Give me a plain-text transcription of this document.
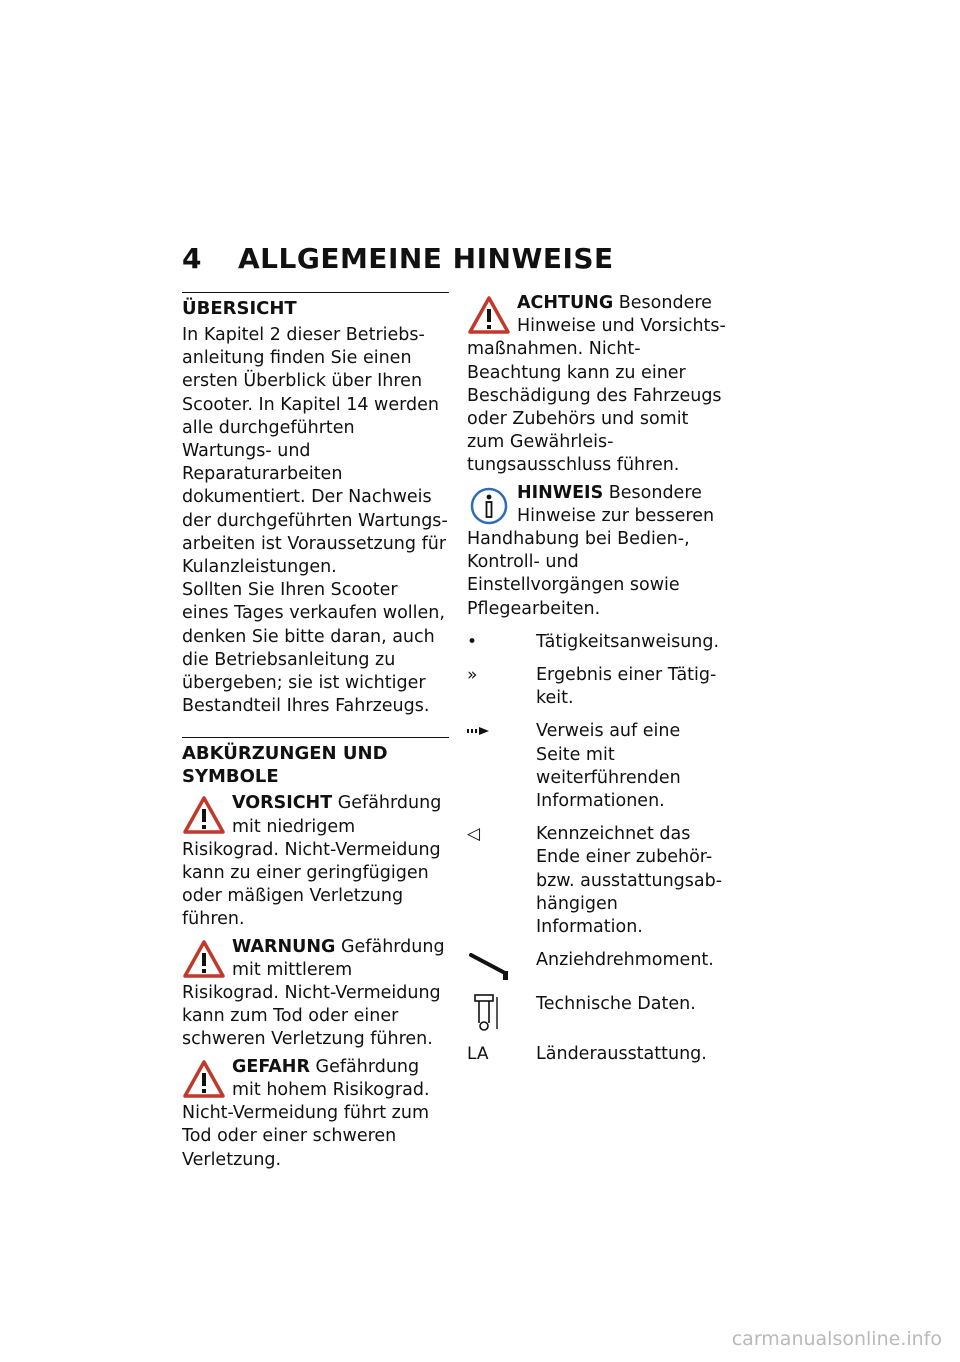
4 ALLGEMEINE HINWEISE
ÜBERSICHT

In Kapitel 2 dieser Betriebsanleitung finden Sie einen ersten Überblick über Ihren Scooter. In Kapitel 14 werden alle durchgeführten Wartungs- und Reparaturarbeiten dokumentiert. Der Nachweis der durchgeführten Wartungsarbeiten ist Voraussetzung für Kulanzleistungen.

Sollten Sie Ihren Scooter eines Tages verkaufen wollen, denken Sie bitte daran, auch die Betriebsanleitung zu übergeben; sie ist wichtiger Bestandteil Ihres Fahrzeugs.

ABKÜRZUNGEN UND SYMBOLE
VORSICHT Gefährdung mit niedrigem Risikograd. Nicht-Vermeidung kann zu einer geringfügigen oder mäßigen Verletzung führen.
WARNUNG Gefährdung mit mittlerem Risikograd. Nicht-Vermeidung kann zum Tod oder einer schweren Verletzung führen.
GEFAHR Gefährdung mit hohem Risikograd. Nicht-Vermeidung führt zum Tod oder einer schweren Verletzung.
ACHTUNG Besondere Hinweise und Vorsichtsmaßnahmen. Nicht-Beachtung kann zu einer Beschädigung des Fahrzeugs oder Zubehörs und somit zum Gewährleistungsausschluss führen.
HINWEIS Besondere Hinweise zur besseren Handhabung bei Bedien-, Kontroll- und Einstellvorgängen sowie Pflegearbeiten.
•	Tätigkeitsanweisung.
»	Ergebnis einer Tätigkeit.
Verweis auf eine Seite mit weiterführenden Informationen.
◁	Kennzeichnet das Ende einer zubehör- bzw. ausstattungsabhängigen Information.
Anziehdrehmoment.
Technische Daten.
LA	Länderausstattung.
carmanualsonline.info
